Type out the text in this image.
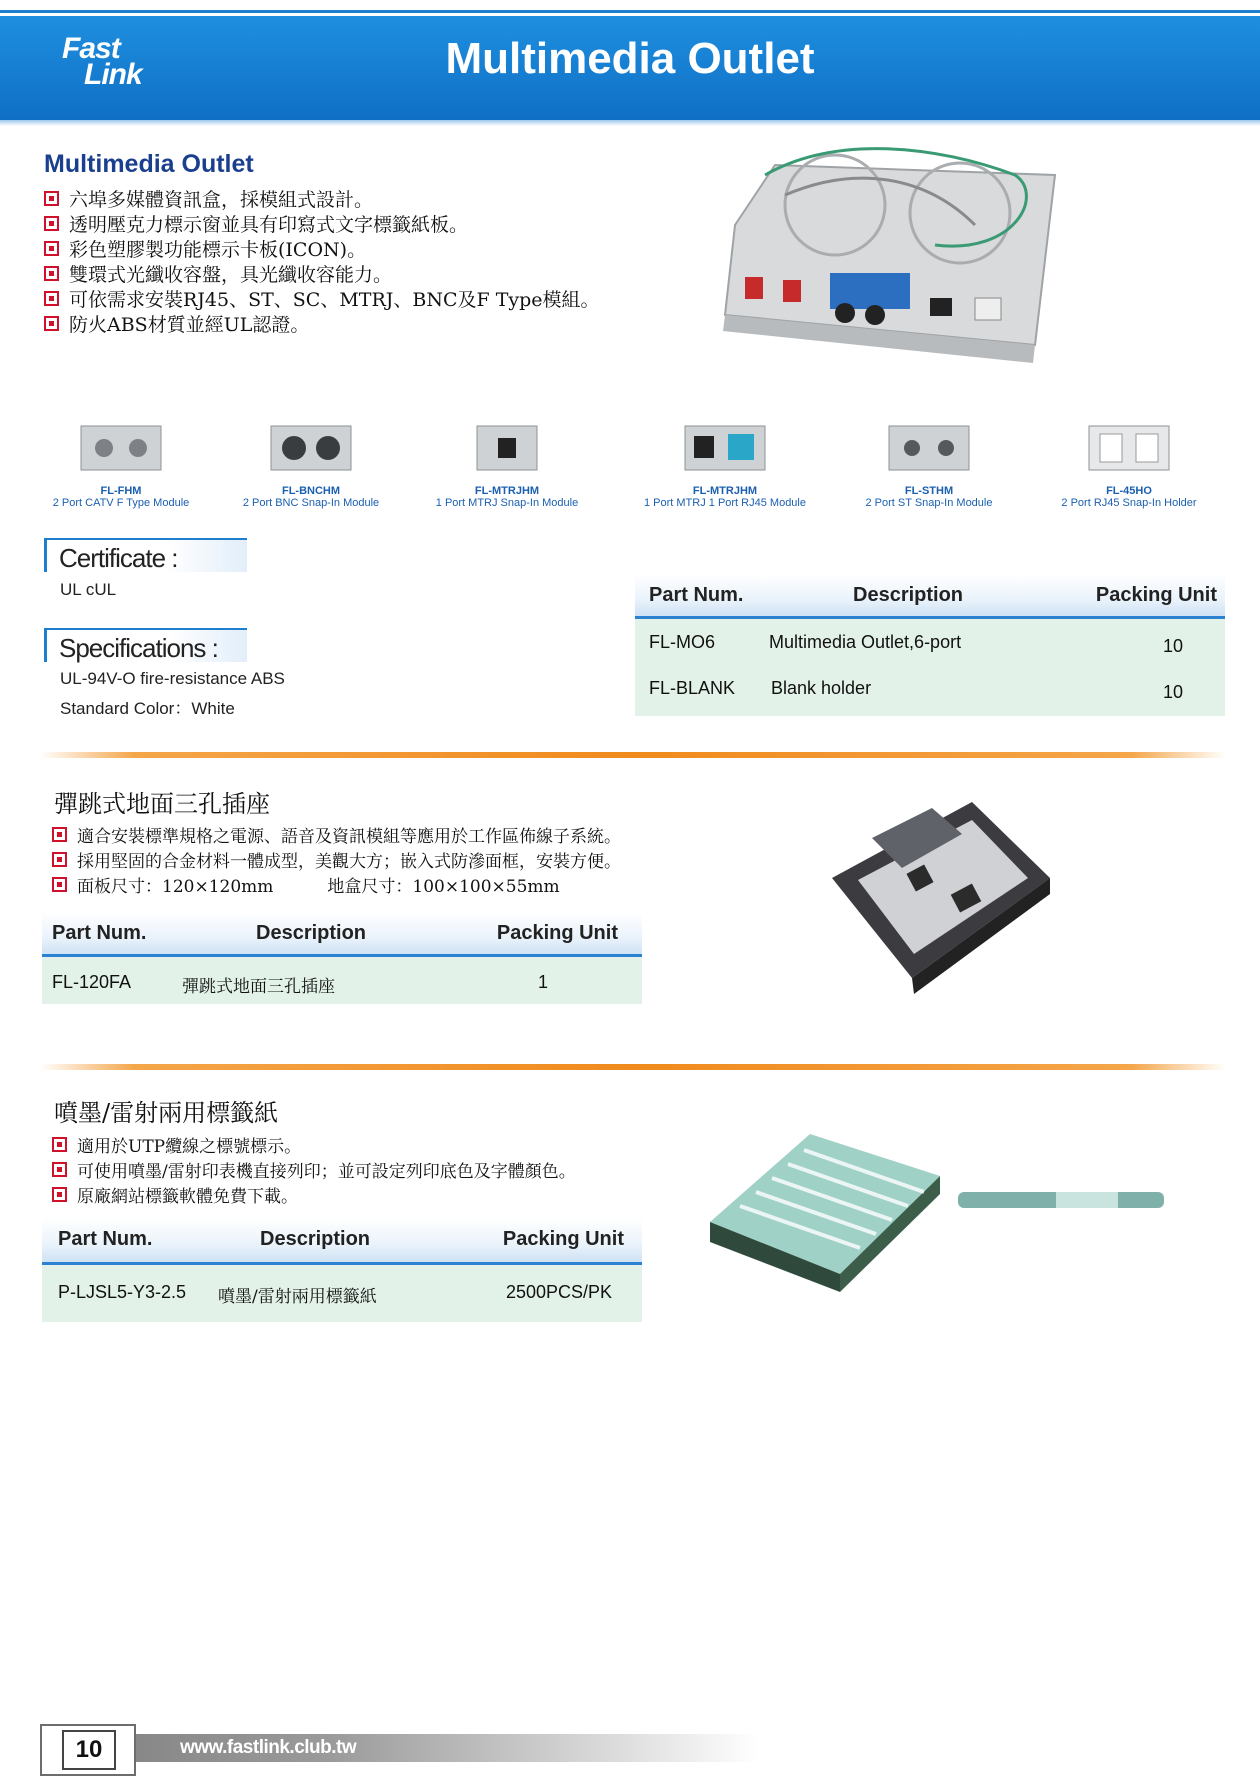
Fast
Link	Multimedia Outlet
Multimedia Outlet
六埠多媒體資訊盒，採模組式設計。
透明壓克力標示窗並具有印寫式文字標籤紙板。
彩色塑膠製功能標示卡板(ICON)。
雙環式光纖收容盤，具光纖收容能力。
可依需求安裝RJ45、ST、SC、MTRJ、BNC及F Type模組。
防火ABS材質並經UL認證。
FL-FHM
2 Port CATV F Type Module
FL-BNCHM
2 Port BNC Snap-In Module
FL-MTRJHM
1 Port MTRJ Snap-In Module
FL-MTRJHM
1 Port MTRJ 1 Port RJ45 Module
FL-STHM
2 Port ST Snap-In Module
FL-45HO
2 Port RJ45 Snap-In Holder
Certificate :
UL cUL
Specifications :
UL-94V-O fire-resistance ABS
Standard Color：White
Part Num.	Description	Packing Unit
FL-MO6	Multimedia Outlet,6-port	10
FL-BLANK Blank holder	10
彈跳式地面三孔插座
適合安裝標準規格之電源、語音及資訊模組等應用於工作區佈線子系統。
採用堅固的合金材料一體成型，美觀大方；嵌入式防滲面框，安裝方便。
面板尺寸：120×120mm          地盒尺寸：100×100×55mm
Part Num.	Description	Packing Unit
FL-120FA	彈跳式地面三孔插座	1
噴墨/雷射兩用標籤紙
適用於UTP纜線之標號標示。
可使用噴墨/雷射印表機直接列印；並可設定列印底色及字體顏色。
原廠網站標籤軟體免費下載。
Part Num.	Description	Packing Unit
P-LJSL5-Y3-2.5 噴墨/雷射兩用標籤紙	2500PCS/PK
10	www.fastlink.club.tw
